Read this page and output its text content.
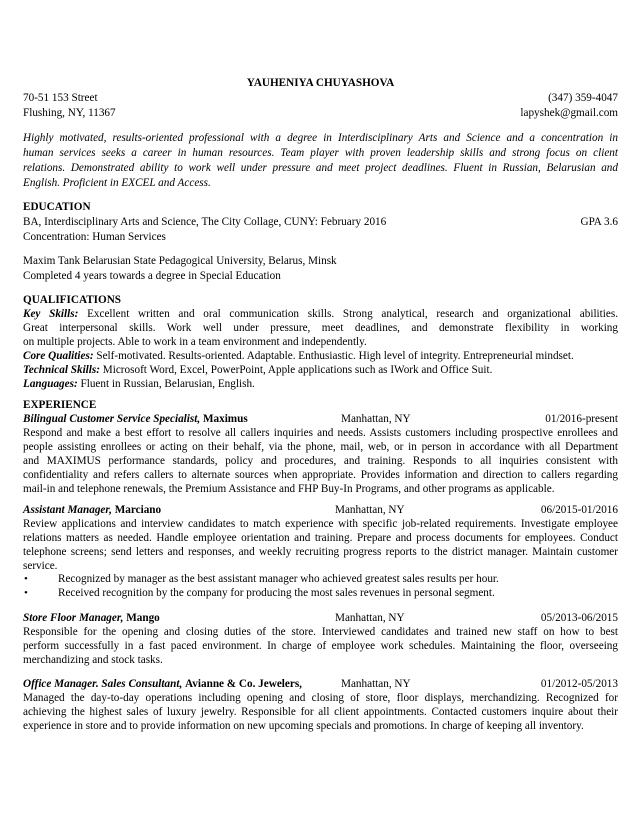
YAUHENIYA CHUYASHOVA
70-51 153 Street	(347) 359-4047
Flushing, NY, 11367	lapyshek@gmail.com
Highly motivated, results-oriented professional with a degree in Interdisciplinary Arts and Science and a concentration in
human services seeks a career in human resources. Team player with proven leadership skills and strong focus on client
relations. Demonstrated ability to work well under pressure and meet project deadlines. Fluent in Russian, Belarusian and
English. Proficient in EXCEL and Access.
EDUCATION
BA, Interdisciplinary Arts and Science, The City Collage, CUNY: February 2016	GPA 3.6
Concentration: Human Services
Maxim Tank Belarusian State Pedagogical University, Belarus, Minsk
Completed 4 years towards a degree in Special Education
QUALIFICATIONS
Key Skills: Excellent written and oral communication skills. Strong analytical, research and organizational abilities.
Great interpersonal skills. Work well under pressure, meet deadlines, and demonstrate flexibility in working
on multiple projects. Able to work in a team environment and independently.
Core Qualities: Self-motivated. Results-oriented. Adaptable. Enthusiastic. High level of integrity. Entrepreneurial mindset.
Technical Skills: Microsoft Word, Excel, PowerPoint, Apple applications such as IWork and Office Suit.
Languages: Fluent in Russian, Belarusian, English.
EXPERIENCE
Bilingual Customer Service Specialist, Maximus	Manhattan, NY	01/2016-present
Respond and make a best effort to resolve all callers inquiries and needs. Assists customers including prospective enrollees and
people assisting enrollees or acting on their behalf, via the phone, mail, web, or in person in accordance with all Department
and MAXIMUS performance standards, policy and procedures, and training. Responds to all inquiries consistent with
confidentiality and refers callers to alternate sources when appropriate. Provides information and direction to callers regarding
mail-in and telephone renewals, the Premium Assistance and FHP Buy-In Programs, and other programs as applicable.
Assistant Manager, Marciano	Manhattan, NY	06/2015-01/2016
Review applications and interview candidates to match experience with specific job-related requirements. Investigate employee
relations matters as needed. Handle employee orientation and training. Prepare and process documents for employees. Conduct
telephone screens; send letters and responses, and weekly recruiting progress reports to the district manager. Maintain customer
service.
•	Recognized by manager as the best assistant manager who achieved greatest sales results per hour.
•	Received recognition by the company for producing the most sales revenues in personal segment.
Store Floor Manager, Mango	Manhattan, NY	05/2013-06/2015
Responsible for the opening and closing duties of the store. Interviewed candidates and trained new staff on how to best
perform successfully in a fast paced environment. In charge of employee work schedules. Maintaining the floor, overseeing
merchandizing and stock tasks.
Office Manager. Sales Consultant, Avianne & Co. Jewelers,	Manhattan, NY	01/2012-05/2013
Managed the day-to-day operations including opening and closing of store, floor displays, merchandizing. Recognized for
achieving the highest sales of luxury jewelry. Responsible for all client appointments. Contacted customers inquire about their
experience in store and to provide information on new upcoming specials and promotions. In charge of keeping all inventory.
